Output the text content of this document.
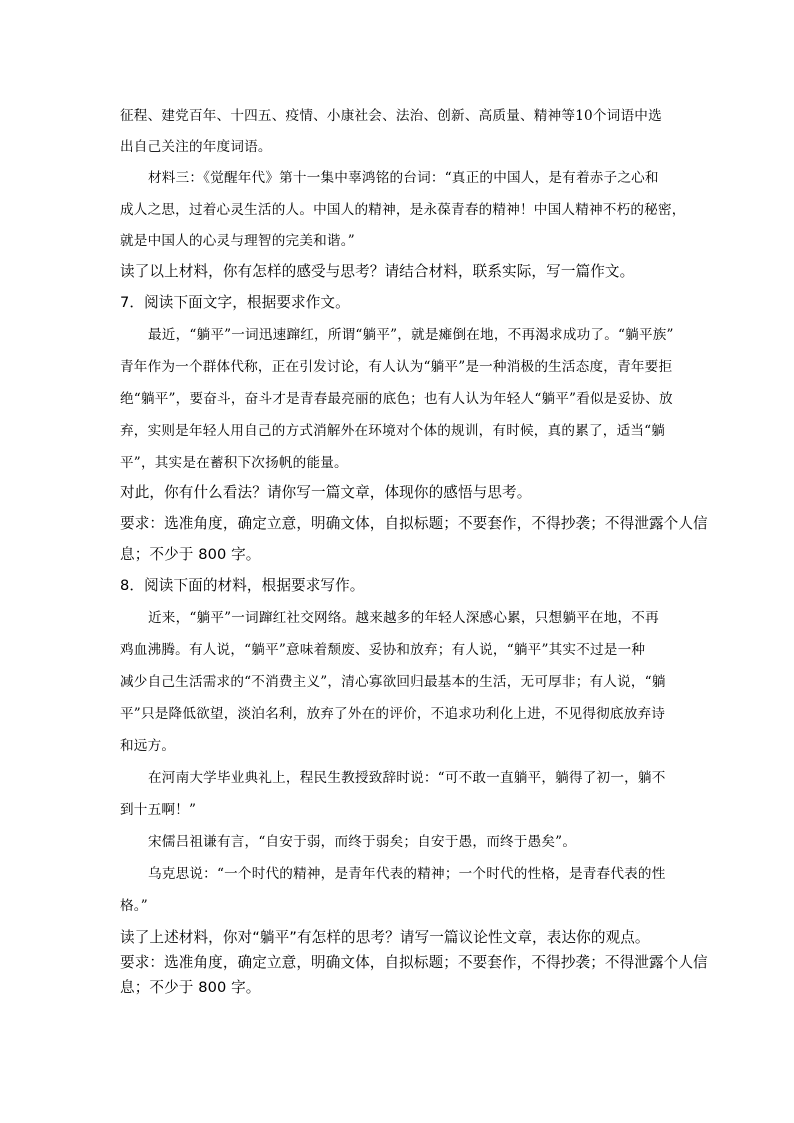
征程、建党百年、十四五、疫情、小康社会、法治、创新、高质量、精神等10个词语中选

出自己关注的年度词语。

材料三：《觉醒年代》第十一集中辜鸿铭的台词：“真正的中国人，是有着赤子之心和

成人之思，过着心灵生活的人。中国人的精神，是永葆青春的精神！中国人精神不朽的秘密，

就是中国人的心灵与理智的完美和谐。”

读了以上材料，你有怎样的感受与思考？请结合材料，联系实际，写一篇作文。

7．阅读下面文字，根据要求作文。

最近，“躺平”一词迅速蹿红，所谓“躺平”，就是瘫倒在地，不再渴求成功了。“躺平族”

青年作为一个群体代称，正在引发讨论，有人认为“躺平”是一种消极的生活态度，青年要拒

绝“躺平”，要奋斗，奋斗才是青春最亮丽的底色；也有人认为年轻人“躺平”看似是妥协、放

弃，实则是年轻人用自己的方式消解外在环境对个体的规训，有时候，真的累了，适当“躺

平”，其实是在蓄积下次扬帆的能量。

对此，你有什么看法？请你写一篇文章，体现你的感悟与思考。

要求：选准角度，确定立意，明确文体，自拟标题；不要套作，不得抄袭；不得泄露个人信

息；不少于 800 字。

8．阅读下面的材料，根据要求写作。

近来，“躺平”一词蹿红社交网络。越来越多的年轻人深感心累，只想躺平在地，不再

鸡血沸腾。有人说，“躺平”意味着颓废、妥协和放弃；有人说，“躺平”其实不过是一种

减少自己生活需求的“不消费主义”，清心寡欲回归最基本的生活，无可厚非；有人说，“躺

平”只是降低欲望，淡泊名利，放弃了外在的评价，不追求功利化上进，不见得彻底放弃诗

和远方。

在河南大学毕业典礼上，程民生教授致辞时说：“可不敢一直躺平，躺得了初一，躺不

到十五啊！”

宋儒吕祖谦有言，“自安于弱，而终于弱矣；自安于愚，而终于愚矣”。

乌克思说：“一个时代的精神，是青年代表的精神；一个时代的性格，是青春代表的性

格。”

读了上述材料，你对“躺平”有怎样的思考？请写一篇议论性文章，表达你的观点。

要求：选准角度，确定立意，明确文体，自拟标题；不要套作，不得抄袭；不得泄露个人信

息；不少于 800 字。
